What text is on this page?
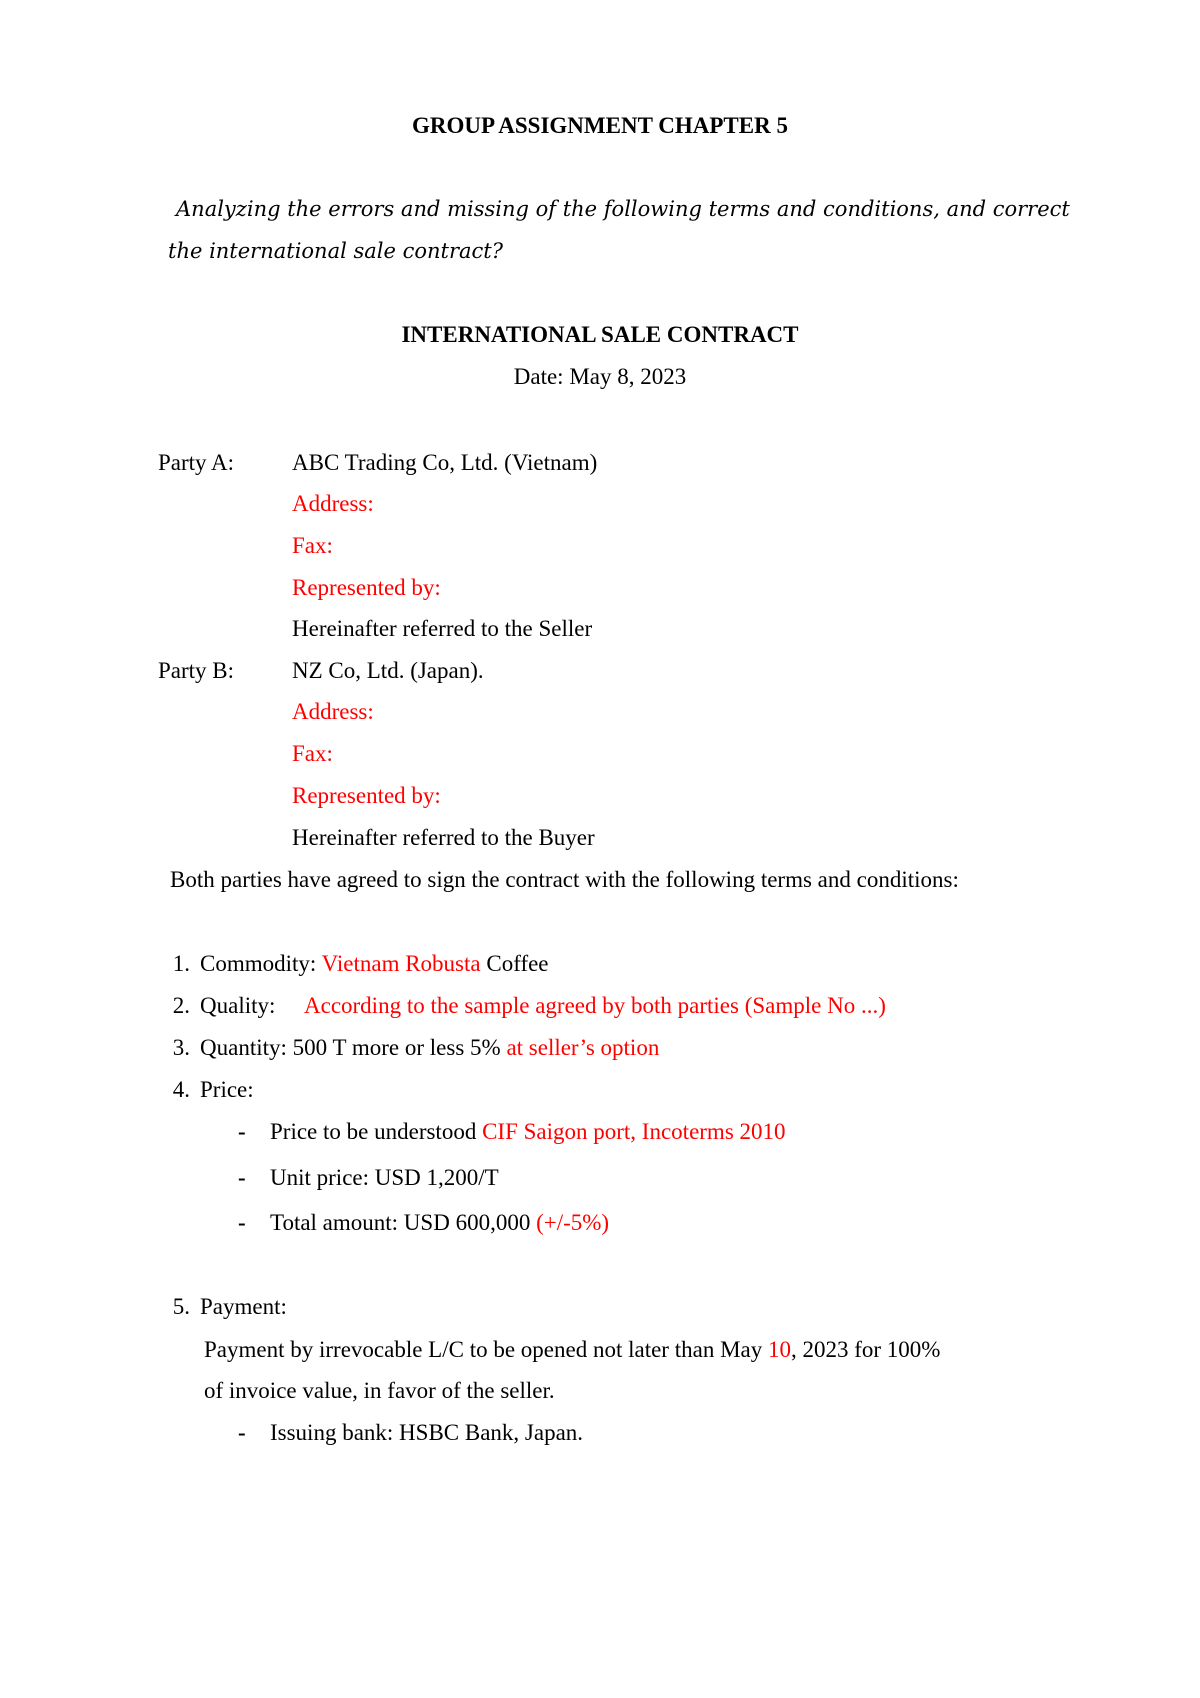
GROUP ASSIGNMENT CHAPTER 5
Analyzing the errors and missing of the following terms and conditions, and correct
the international sale contract?
INTERNATIONAL SALE CONTRACT
Date: May 8, 2023
Party A:	ABC Trading Co, Ltd. (Vietnam)
Address:
Fax:
Represented by:
Hereinafter referred to the Seller
Party B:	NZ Co, Ltd. (Japan).
Address:
Fax:
Represented by:
Hereinafter referred to the Buyer
Both parties have agreed to sign the contract with the following terms and conditions:
1. Commodity: Vietnam Robusta Coffee
2. Quality: According to the sample agreed by both parties (Sample No ...)
3. Quantity: 500 T more or less 5% at seller’s option
4. Price:
- Price to be understood CIF Saigon port, Incoterms 2010
- Unit price: USD 1,200/T
- Total amount: USD 600,000 (+/-5%)
5. Payment:
Payment by irrevocable L/C to be opened not later than May 10, 2023 for 100%
of invoice value, in favor of the seller.
- Issuing bank: HSBC Bank, Japan.
